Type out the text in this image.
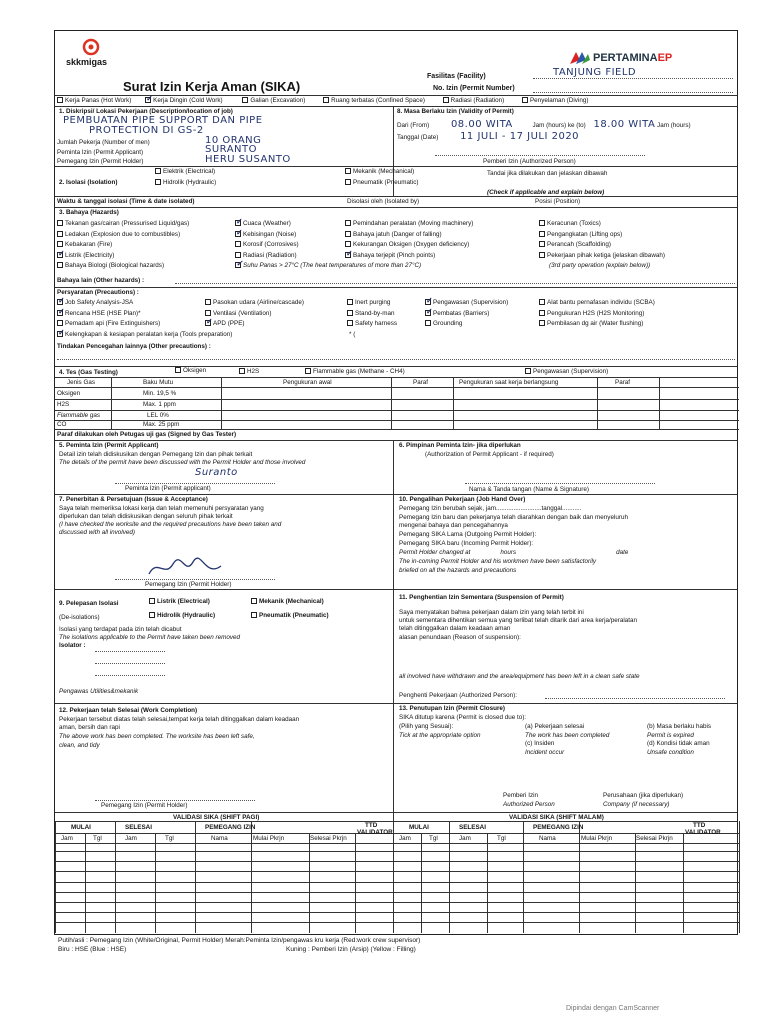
skkmigas	PERTAMINAEP
Surat Izin Kerja Aman (SIKA)
Fasilitas (Facility)	TANJUNG FIELD
No. Izin (Permit Number)
Kerja Panas (Hot Work) ✓	Kerja Dingin (Cold Work)	Galian (Excavation)	Ruang terbatas (Confined Space)	Radiasi (Radiation)	Penyelaman (Diving)
1. Diskripsi/ Lokasi Pekerjaan (Description/location of job)
PEMBUATAN PIPE SUPPORT DAN PIPE
PROTECTION DI GS-2
Jumlah Pekerja (Number of men)	10 ORANG
Peminta Izin (Permit Applicant)	SURANTO
Pemegang Izin (Permit Holder)	HERU SUSANTO
8. Masa Berlaku Izin (Validity of Permit)
Dari (From) 08.00 WITA	Jam (hours) ke (to) 18.00 WITA Jam (hours)
Tanggal (Date) 11 JULI - 17 JULI 2020
Pemberi Izin (Authorized Person)
Elektrik (Electrical)
2. Isolasi (Isolation)	Hidrolik (Hydraulic)
Mekanik (Mechanical)
Pneumatik (Pneumatic)
Tandai jika dilakukan dan jelaskan dibawah
(Check if applicable and explain below)
Waktu & tanggal isolasi (Time & date isolated)	Disolasi oleh (Isolated by)	Posisi (Position)
3. Bahaya (Hazards)
Tekanan gas/cairan (Pressurised Liquid/gas)
Ledakan (Explosion due to combustibles)
Kebakaran (Fire)
✓Listrik (Electricity)
Bahaya Biologi (Biological hazards)
✓Cuaca (Weather)
✓Kebisingan (Noise)
Korosif (Corrosives)
Radiasi (Radiation)
✓Suhu Panas > 27°C (The heat temperatures of more than 27°C)
Pemindahan peralatan (Moving machinery)
Bahaya jatuh (Danger of falling)
Kekurangan Oksigen (Oxygen deficiency)
✓Bahaya terjepit (Pinch points)
Keracunan (Toxics)
Pengangkatan (Lifting ops)
Perancah (Scaffolding)
Pekerjaan pihak ketiga (jelaskan dibawah)
(3rd party operation (explain below))
Bahaya lain (Other hazards) :
Persyaratan (Precautions) :
✓Job Safety Analysis-JSA
✓Rencana HSE (HSE Plan)*
Pemadam api (Fire Extinguishers)
✓Kelengkapan & kesiapan peralatan kerja (Tools preparation)
Pasokan udara (Airline/cascade)
Ventilasi (Ventilation)
✓APD (PPE)
Inert purging
Stand-by-man
Safety harness
* (
✓Pengawasan (Supervision)
✓Pembatas (Barriers)
Grounding
Alat bantu pernafasan individu (SCBA)
Pengukuran H2S (H2S Monitoring)
Pembilasan dg air (Water flushing)
Tindakan Pencegahan lainnya (Other precautions) :
4. Tes (Gas Testing)	Oksigen	H2S	Flammable gas (Methane - CH4)	Pengawasan (Supervision)
Jenis Gas	Baku Mutu	Pengukuran awal	Paraf	Pengukuran saat kerja berlangsung	Paraf
Oksigen	Min. 19,5 %
H2S	Max. 1 ppm
Flammable gas	LEL 0%
CO	Max. 25 ppm
Paraf dilakukan oleh Petugas uji gas (Signed by Gas Tester)
5. Peminta Izin (Permit Applicant)
Detail izin telah didiskusikan dengan Pemegang Izin dan pihak terkait
The details of the permit have been discussed with the Permit Holder and those involved
Suranto
Peminta Izin (Permit applicant)
6. Pimpinan Peminta Izin- jika diperlukan
(Authorization of Permit Applicant - if required)
Nama & Tanda tangan (Name & Signature)
7. Penerbitan & Persetujuan (Issue & Acceptance)
Saya telah memeriksa lokasi kerja dan telah memenuhi persyaratan yang
diperlukan dan telah didiskusikan dengan seluruh pihak terkait
(I have checked the worksite and the required precautions have been taken and
discussed with all involved)
Pemegang Izin (Permit Holder)
10. Pengalihan Pekerjaan (Job Hand Over)
Pemegang Izin berubah sejak, jam..........................tanggal...........
Pemegang Izin baru dan pekerjanya telah diarahkan dengan baik dan menyeluruh
mengenai bahaya dan pencegahannya
Pemegang SIKA Lama (Outgoing Permit Holder):
Pemegang SIKA baru (Incoming Permit Holder):
Permit Holder changed at	hours	date
The in-coming Permit Holder and his workmen have been satisfactorily
briefed on all the hazards and precautions
9. Pelepasan Isolasi	Listrik (Electrical)	Mekanik (Mechanical)
(De-isolations)	Hidrolik (Hydraulic)	Pneumatik (Pneumatic)
Isolasi yang terdapat pada izin telah dicabut
The isolations applicable to the Permit have taken been removed
Isolator :
Pengawas Utilities&mekanik
11. Penghentian Izin Sementara (Suspension of Permit)
Saya menyatakan bahwa pekerjaan dalam izin yang telah terbit ini
untuk sementara dihentikan semua yang terlibat telah ditarik dari area kerja/peralatan
telah ditinggalkan dalam keadaan aman
alasan penundaan (Reason of suspension):
all involved have withdrawn and the area/equipment has been left in a clean safe state
Penghenti Pekerjaan (Authorized Person):
12. Pekerjaan telah Selesai (Work Completion)
Pekerjaan tersebut diatas telah selesai,tempat kerja telah ditinggalkan dalam keadaan
aman, bersih dan rapi
The above work has been completed. The worksite has been left safe,
clean, and tidy
Pemegang Izin (Permit Holder)
13. Penutupan Izin (Permit Closure)
SIKA ditutup karena (Permit is closed due to):
(Pilih yang Sesuai):
Tick at the appropriate option
(a) Pekerjaan selesai
The work has been completed
(c) Insiden
Incident occur
(b) Masa berlaku habis
Permit is expired
(d) Kondisi tidak aman
Unsafe condition
Pemberi Izin
Authorized Person
Perusahaan (jika diperlukan)
Company (if necessary)
VALIDASI SIKA (SHIFT PAGI)	VALIDASI SIKA (SHIFT MALAM)
MULAI	SELESAI	PEMEGANG IZIN	TTD
VALIDATOR
Jam	Tgl	Jam	Tgl	Nama	Mulai Pkrjn	Selesai Pkrjn
MULAI	SELESAI	PEMEGANG IZIN	TTD
VALIDATOR
Jam	Tgl	Jam	Tgl	Nama	Mulai Pkrjn	Selesai Pkrjn
Putih/asli : Pemegang Izin (White/Original, Permit Holder) Merah:Peminta Izin/pengawas kru kerja (Red:work crew supervisor)
Biru : HSE (Blue : HSE)	Kuning : Pemberi Izin (Arsip) (Yellow : Filling)
Dipindai dengan CamScanner
